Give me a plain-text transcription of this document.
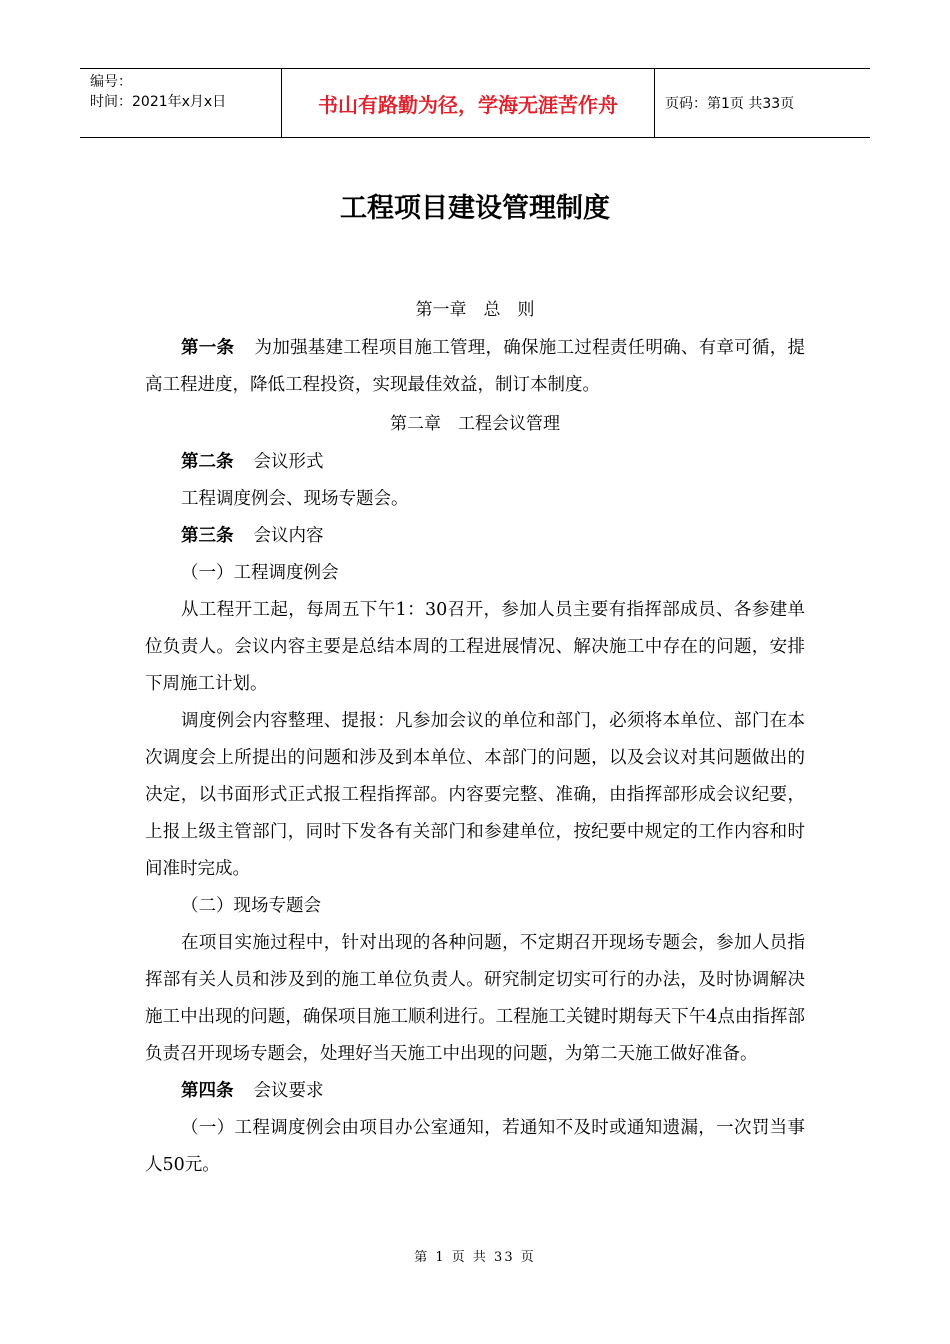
编号：
时间：2021年x月x日	书山有路勤为径，学海无涯苦作舟	页码：第1页 共33页
工程项目建设管理制度
第一章　总　则

第一条 为加强基建工程项目施工管理，确保施工过程责任明确、有章可循，提高工程进度，降低工程投资，实现最佳效益，制订本制度。

第二章　工程会议管理

第二条 会议形式

工程调度例会、现场专题会。

第三条 会议内容

（一）工程调度例会

从工程开工起，每周五下午1：30召开，参加人员主要有指挥部成员、各参建单位负责人。会议内容主要是总结本周的工程进展情况、解决施工中存在的问题，安排下周施工计划。

调度例会内容整理、提报：凡参加会议的单位和部门，必须将本单位、部门在本次调度会上所提出的问题和涉及到本单位、本部门的问题，以及会议对其问题做出的决定，以书面形式正式报工程指挥部。内容要完整、准确，由指挥部形成会议纪要，上报上级主管部门，同时下发各有关部门和参建单位，按纪要中规定的工作内容和时间准时完成。

（二）现场专题会

在项目实施过程中，针对出现的各种问题，不定期召开现场专题会，参加人员指挥部有关人员和涉及到的施工单位负责人。研究制定切实可行的办法，及时协调解决施工中出现的问题，确保项目施工顺利进行。工程施工关键时期每天下午4点由指挥部负责召开现场专题会，处理好当天施工中出现的问题，为第二天施工做好准备。

第四条 会议要求

（一）工程调度例会由项目办公室通知，若通知不及时或通知遗漏，一次罚当事人50元。

第 1 页 共 33 页
